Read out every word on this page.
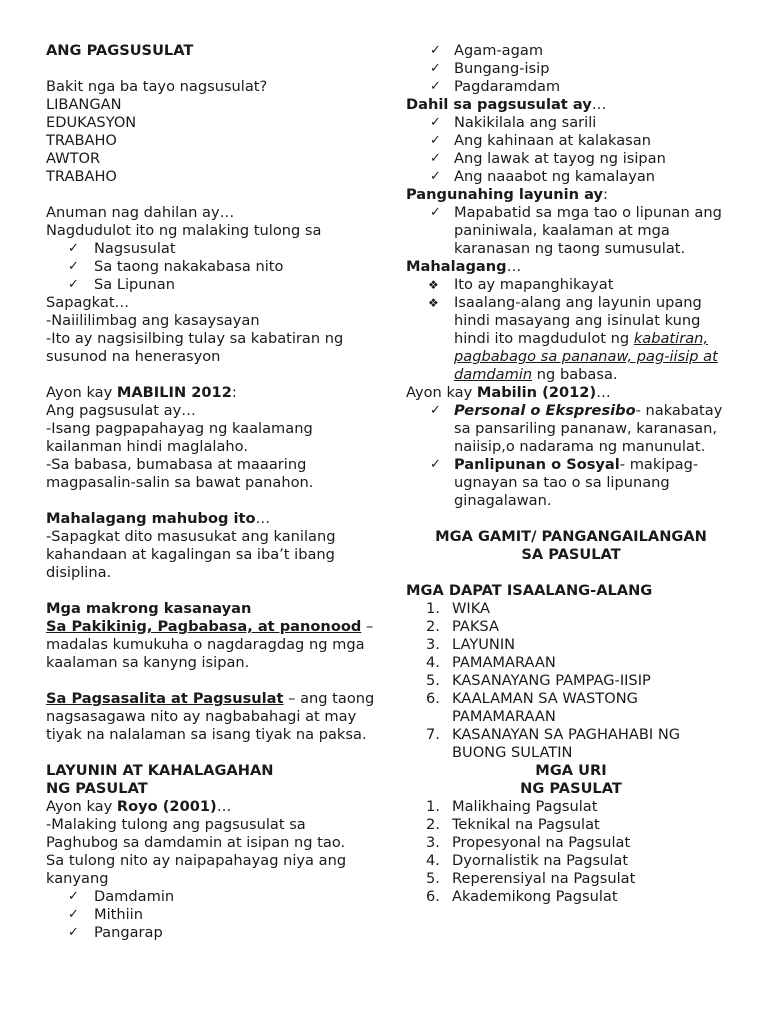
ANG PAGSUSULAT

Bakit nga ba tayo nagsusulat?

LIBANGAN

EDUKASYON

TRABAHO

AWTOR

TRABAHO

Anuman nag dahilan ay…

Nagdudulot ito ng malaking tulong sa

✓ Nagsusulat

✓ Sa taong nakakabasa nito

✓ Sa Lipunan

Sapagkat…

-Naiililimbag ang kasaysayan

-Ito ay nagsisilbing tulay sa kabatiran ng susunod na henerasyon

Ayon kay MABILIN 2012:

Ang pagsusulat ay…

-Isang pagpapahayag ng kaalamang kailanman hindi maglalaho.

-Sa babasa, bumabasa at maaaring magpasalin-salin sa bawat panahon.

Mahalagang mahubog ito…

-Sapagkat dito masusukat ang kanilang kahandaan at kagalingan sa iba’t ibang disiplina.

Mga makrong kasanayan

Sa Pakikinig, Pagbabasa, at panonood – madalas kumukuha o nagdaragdag ng mga kaalaman sa kanyng isipan.

Sa Pagsasalita at Pagsusulat – ang taong nagsasagawa nito ay nagbabahagi at may tiyak na nalalaman sa isang tiyak na paksa.

LAYUNIN AT KAHALAGAHAN

NG PASULAT

Ayon kay Royo (2001)…

-Malaking tulong ang pagsusulat sa Paghubog sa damdamin at isipan ng tao.

Sa tulong nito ay naipapahayag niya ang kanyang

✓ Damdamin

✓ Mithiin

✓ Pangarap

✓ Agam-agam

✓ Bungang-isip

✓ Pagdaramdam

Dahil sa pagsusulat ay…

✓ Nakikilala ang sarili

✓ Ang kahinaan at kalakasan

✓ Ang lawak at tayog ng isipan

✓ Ang naaabot ng kamalayan

Pangunahing layunin ay:

✓ Mapabatid sa mga tao o lipunan ang paniniwala, kaalaman at mga karanasan ng taong sumusulat.

Mahalagang…

❖ Ito ay mapanghikayat

❖ Isaalang-alang ang layunin upang hindi masayang ang isinulat kung hindi ito magdudulot ng kabatiran, pagbabago sa pananaw, pag-iisip at damdamin ng babasa.

Ayon kay Mabilin (2012)…

✓ Personal o Ekspresibo- nakabatay sa pansariling pananaw, karanasan, naiisip,o nadarama ng manunulat.

✓ Panlipunan o Sosyal- makipag-ugnayan sa tao o sa lipunang ginagalawan.

MGA GAMIT/ PANGANGAILANGAN

SA PASULAT

MGA DAPAT ISAALANG-ALANG

1. WIKA

2. PAKSA

3. LAYUNIN

4. PAMAMARAAN

5. KASANAYANG PAMPAG-IISIP

6. KAALAMAN SA WASTONG PAMAMARAAN

7. KASANAYAN SA PAGHAHABI NG BUONG SULATIN

MGA URI

NG PASULAT

1. Malikhaing Pagsulat

2. Teknikal na Pagsulat

3. Propesyonal na Pagsulat

4. Dyornalistik na Pagsulat

5. Reperensiyal na Pagsulat

6. Akademikong Pagsulat
